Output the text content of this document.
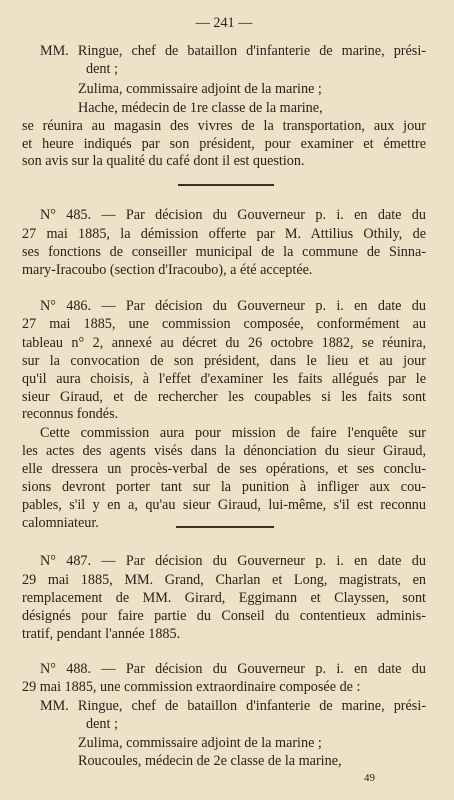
— 241 —
MM. Ringue, chef de bataillon d'infanterie de marine, prési-
dent ;
Zulima, commissaire adjoint de la marine ;
Hache, médecin de 1re classe de la marine,
se réunira au magasin des vivres de la transportation, aux jour
et heure indiqués par son président, pour examiner et émettre
son avis sur la qualité du café dont il est question.
N° 485. — Par décision du Gouverneur p. i. en date du
27 mai 1885, la démission offerte par M. Attilius Othily, de
ses fonctions de conseiller municipal de la commune de Sinna-
mary-Iracoubo (section d'Iracoubo), a été acceptée.
N° 486. — Par décision du Gouverneur p. i. en date du
27 mai 1885, une commission composée, conformément au
tableau n° 2, annexé au décret du 26 octobre 1882, se réunira,
sur la convocation de son président, dans le lieu et au jour
qu'il aura choisis, à l'effet d'examiner les faits allégués par le
sieur Giraud, et de rechercher les coupables si les faits sont
reconnus fondés.
Cette commission aura pour mission de faire l'enquête sur
les actes des agents visés dans la dénonciation du sieur Giraud,
elle dressera un procès-verbal de ses opérations, et ses conclu-
sions devront porter tant sur la punition à infliger aux cou-
pables, s'il y en a, qu'au sieur Giraud, lui-même, s'il est reconnu
calomniateur.
N° 487. — Par décision du Gouverneur p. i. en date du
29 mai 1885, MM. Grand, Charlan et Long, magistrats, en
remplacement de MM. Girard, Eggimann et Clayssen, sont
désignés pour faire partie du Conseil du contentieux adminis-
tratif, pendant l'année 1885.
N° 488. — Par décision du Gouverneur p. i. en date du
29 mai 1885, une commission extraordinaire composée de :
MM. Ringue, chef de bataillon d'infanterie de marine, prési-
dent ;
Zulima, commissaire adjoint de la marine ;
Roucoules, médecin de 2e classe de la marine,
49
